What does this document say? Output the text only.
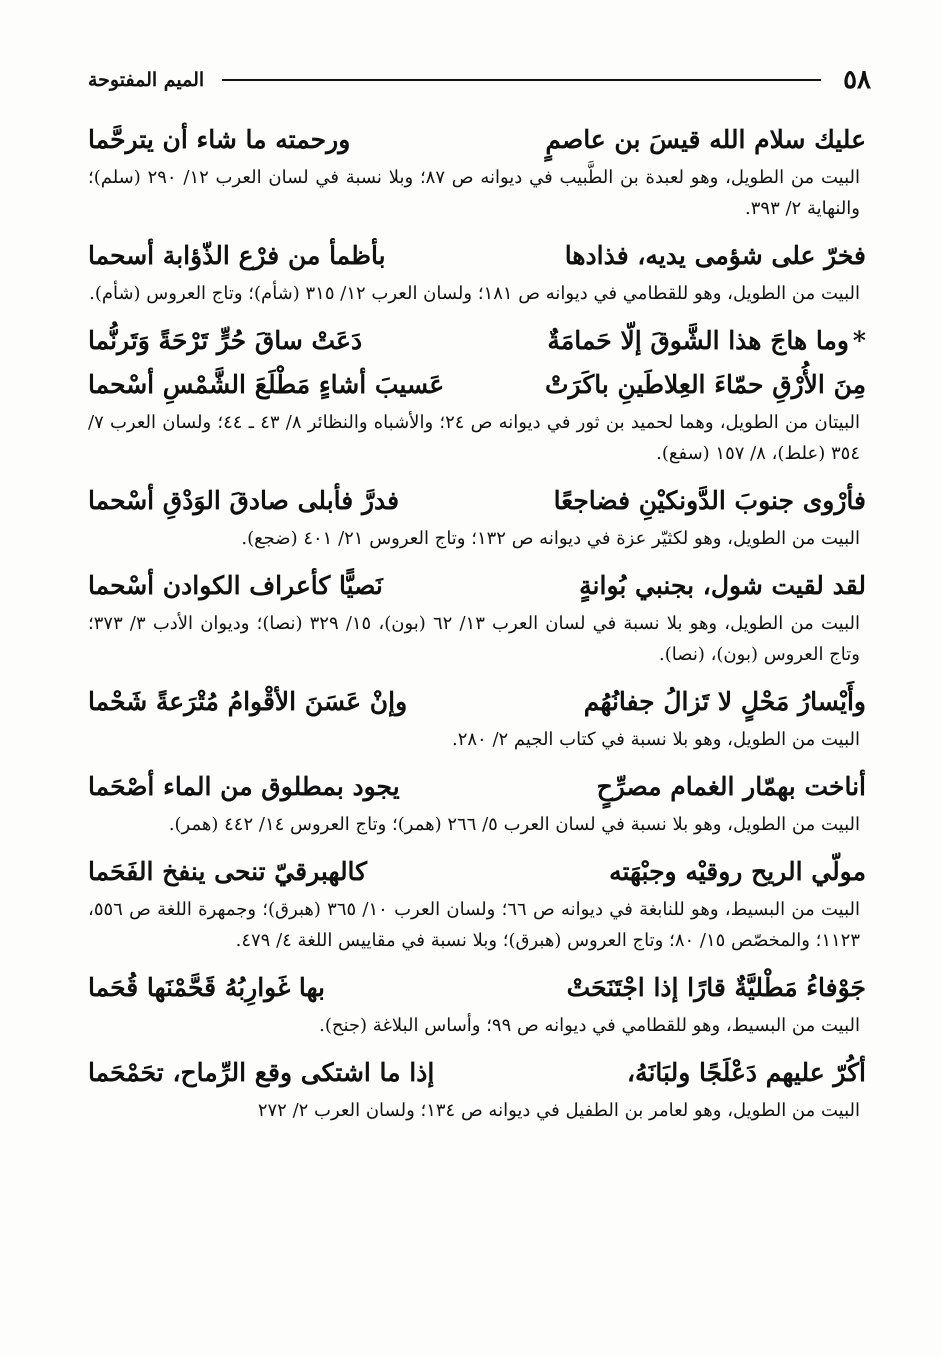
٥٨
الميم المفتوحة
عليك سلام الله قيسَ بن عاصمٍ
ورحمته ما شاء أن يترحَّما
البيت من الطويل، وهو لعبدة بن الطَّبيب في ديوانه ص ٨٧؛ وبلا نسبة في لسان العرب ١٢/ ٢٩٠ (سلم)؛ والنهاية ٢/ ٣٩٣.
فخرّ على شؤمى يديه، فذادها
بأظمأ من فرْع الذّؤابة أسحما
البيت من الطويل، وهو للقطامي في ديوانه ص ١٨١؛ ولسان العرب ١٢/ ٣١٥ (شأم)؛ وتاج العروس (شأم).
*وما هاجَ هذا الشَّوقَ إلّا حَمامَةٌ
دَعَتْ ساقَ حُرٍّ تَرْحَةً وَتَرنُّما
مِنَ الأُرْقِ حمّاءَ العِلاطَينِ باكَرَتْ
عَسيبَ أشاءٍ مَطْلَعَ الشَّمْسِ أسْحما
البيتان من الطويل، وهما لحميد بن ثور في ديوانه ص ٢٤؛ والأشباه والنظائر ٨/ ٤٣ ـ ٤٤؛ ولسان العرب ٧/ ٣٥٤ (علط)، ٨/ ١٥٧ (سفع).
فأرْوى جنوبَ الدَّونكيْنِ فضاجعًا
فدرَّ فأبلى صادقَ الوَدْقِ أسْحما
البيت من الطويل، وهو لكثيّر عزة في ديوانه ص ١٣٢؛ وتاج العروس ٢١/ ٤٠١ (ضجع).
لقد لقيت شول، بجنبي بُوانةٍ
نَصيًّا كأعراف الكوادن أسْحما
البيت من الطويل، وهو بلا نسبة في لسان العرب ١٣/ ٦٢ (بون)، ١٥/ ٣٢٩ (نصا)؛ وديوان الأدب ٣/ ٣٧٣؛ وتاج العروس (بون)، (نصا).
وأَيْسارُ مَحْلٍ لا تَزالُ جفانُهُم
وإنْ عَسَنَ الأقْوامُ مُتْرَعةً شَحْما
البيت من الطويل، وهو بلا نسبة في كتاب الجيم ٢/ ٢٨٠.
أناخت بهمّار الغمام مصرِّحٍ
يجود بمطلوق من الماء أصْحَما
البيت من الطويل، وهو بلا نسبة في لسان العرب ٥/ ٢٦٦ (همر)؛ وتاج العروس ١٤/ ٤٤٢ (همر).
مولّي الريح روقيْه وجبْهَته
كالهبرقيّ تنحى ينفخ الفَحَما
البيت من البسيط، وهو للنابغة في ديوانه ص ٦٦؛ ولسان العرب ١٠/ ٣٦٥ (هبرق)؛ وجمهرة اللغة ص ٥٥٦، ١١٢٣؛ والمخصّص ١٥/ ٨٠؛ وتاج العروس (هبرق)؛ وبلا نسبة في مقاييس اللغة ٤/ ٤٧٩.
جَوْفاءُ مَطْليَّةٌ قارًا إذا اجْتَنَحَتْ
بها غَوارِبُهُ قَحَّمْنَها قُحَما
البيت من البسيط، وهو للقطامي في ديوانه ص ٩٩؛ وأساس البلاغة (جنح).
أكُرّ عليهم دَعْلَجًا ولبَانَهُ،
إذا ما اشتكى وقع الرِّماح، تحَمْحَما
البيت من الطويل، وهو لعامر بن الطفيل في ديوانه ص ١٣٤؛ ولسان العرب ٢/ ٢٧٢
